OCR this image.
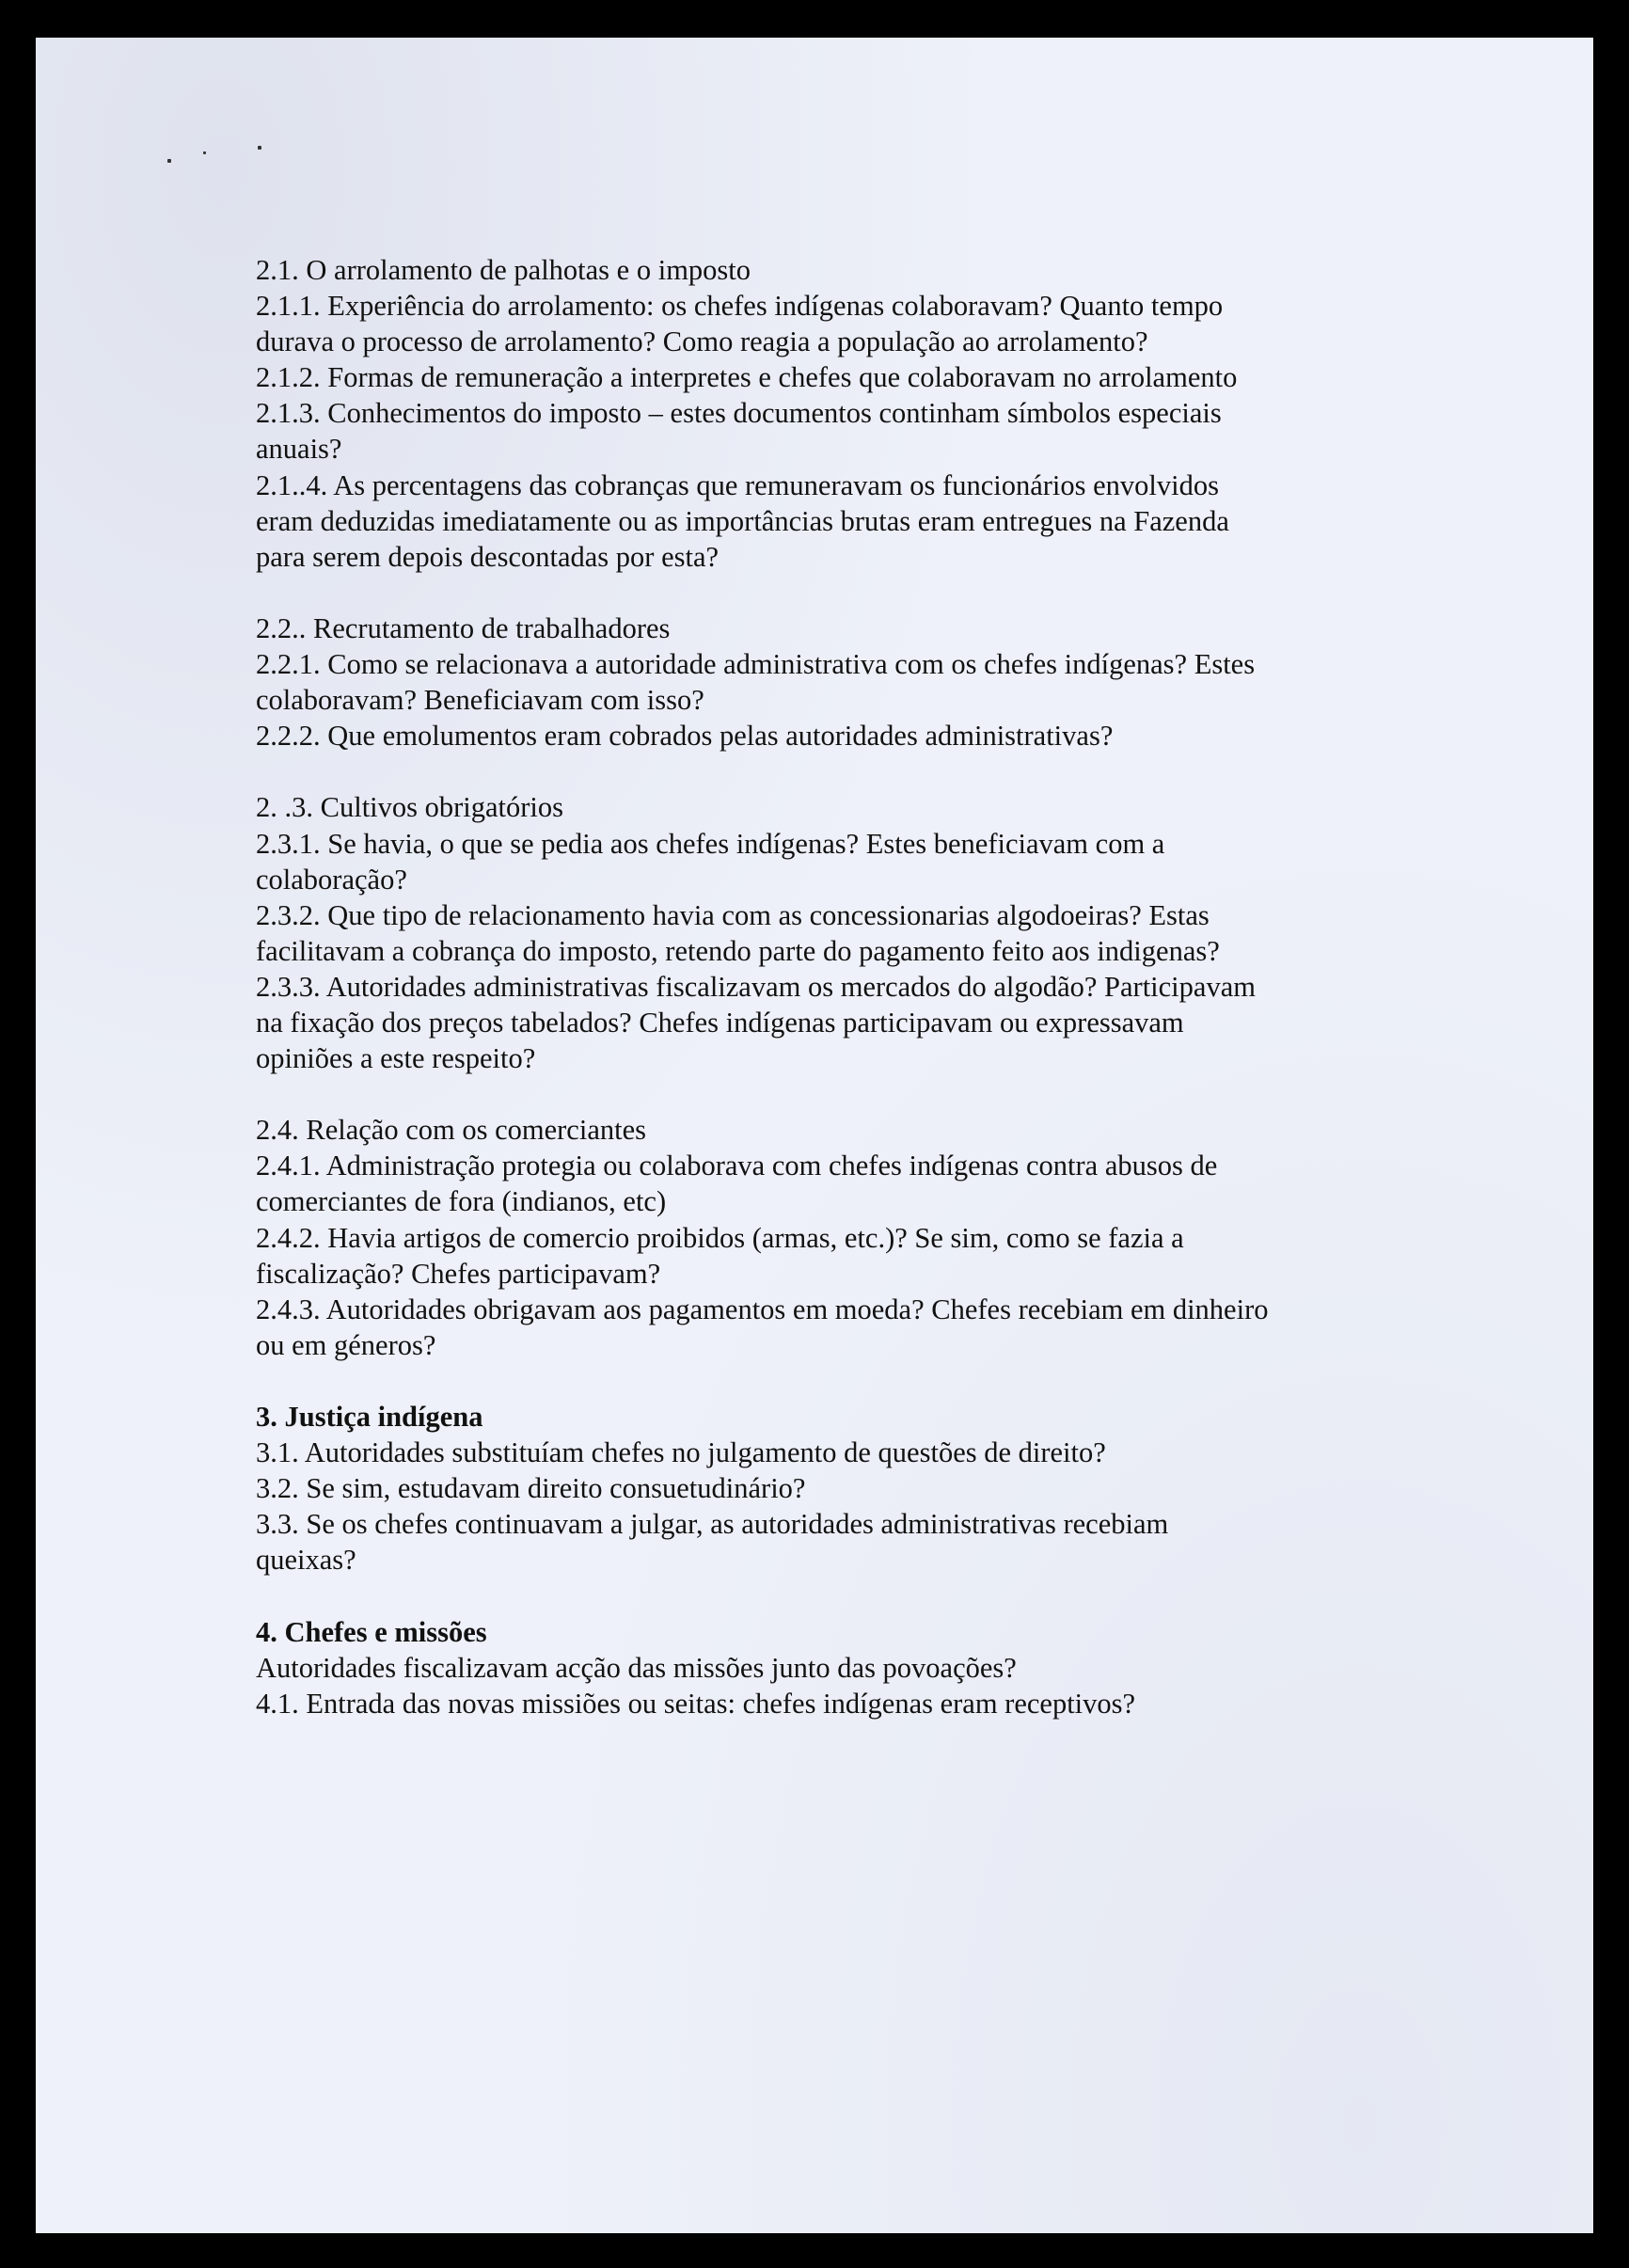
2.1. O arrolamento de palhotas e o imposto
2.1.1. Experiência do arrolamento: os chefes indígenas colaboravam? Quanto tempo
durava o processo de arrolamento? Como reagia a população ao arrolamento?
2.1.2. Formas de remuneração a interpretes e chefes que colaboravam no arrolamento
2.1.3. Conhecimentos do imposto – estes documentos continham símbolos especiais
anuais?
2.1..4. As percentagens das cobranças que remuneravam os funcionários envolvidos
eram deduzidas imediatamente ou as importâncias brutas eram entregues na Fazenda
para serem depois descontadas por esta?
2.2.. Recrutamento de trabalhadores
2.2.1. Como se relacionava a autoridade administrativa com os chefes indígenas? Estes
colaboravam? Beneficiavam com isso?
2.2.2. Que emolumentos eram cobrados pelas autoridades administrativas?
2. .3. Cultivos obrigatórios
2.3.1. Se havia, o que se pedia aos chefes indígenas? Estes beneficiavam com a
colaboração?
2.3.2. Que tipo de relacionamento havia com as concessionarias algodoeiras? Estas
facilitavam a cobrança do imposto, retendo parte do pagamento feito aos indigenas?
2.3.3. Autoridades administrativas fiscalizavam os mercados do algodão? Participavam
na fixação dos preços tabelados? Chefes indígenas participavam ou expressavam
opiniões a este respeito?
2.4. Relação com os comerciantes
2.4.1. Administração protegia ou colaborava com chefes indígenas contra abusos de
comerciantes de fora (indianos, etc)
2.4.2. Havia artigos de comercio proibidos (armas, etc.)? Se sim, como se fazia a
fiscalização? Chefes participavam?
2.4.3. Autoridades obrigavam aos pagamentos em moeda? Chefes recebiam em dinheiro
ou em géneros?
3. Justiça indígena
3.1. Autoridades substituíam chefes no julgamento de questões de direito?
3.2. Se sim, estudavam direito consuetudinário?
3.3. Se os chefes continuavam a julgar, as autoridades administrativas recebiam
queixas?
4. Chefes e missões
Autoridades fiscalizavam acção das missões junto das povoações?
4.1. Entrada das novas missiões ou seitas: chefes indígenas eram receptivos?
